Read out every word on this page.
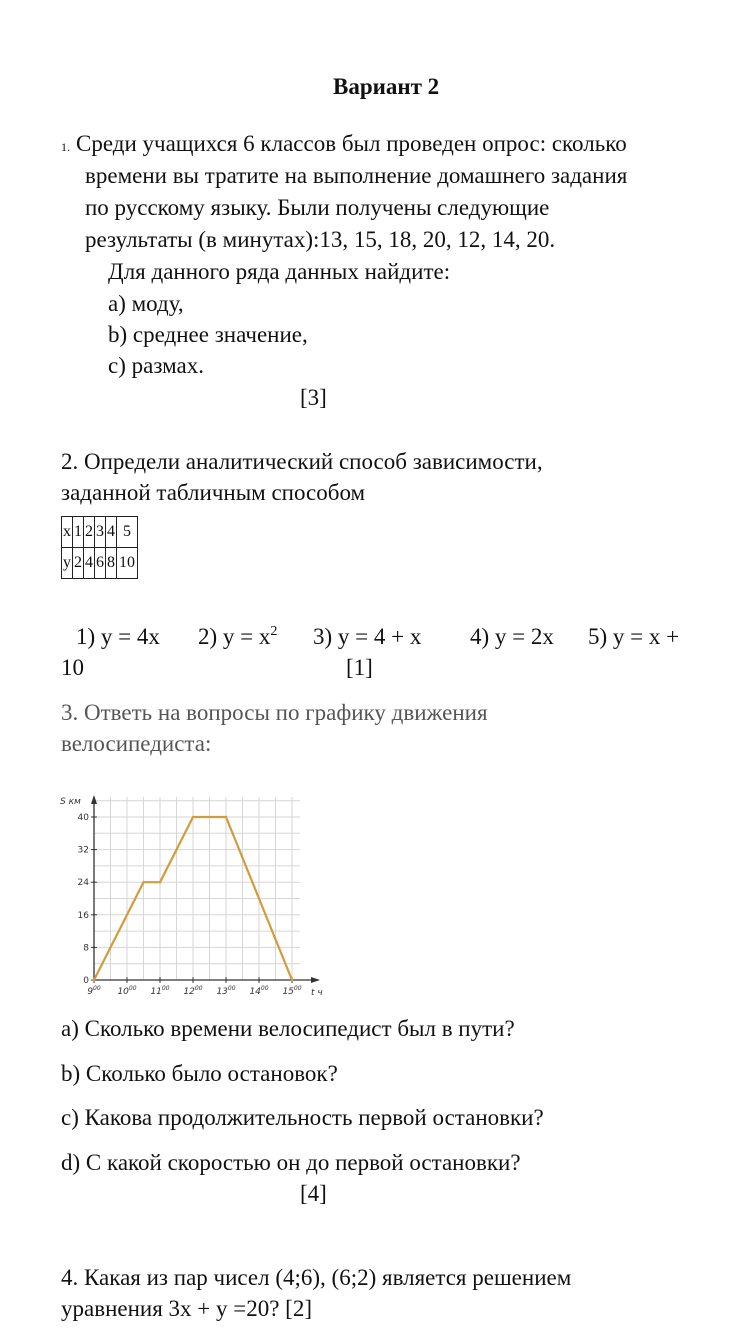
Вариант 2
1. Среди учащихся 6 классов был проведен опрос: сколько
времени вы тратите на выполнение домашнего задания
по русскому языку. Были получены следующие
результаты (в минутах):13, 15, 18, 20, 12, 14, 20.
Для данного ряда данных найдите:
a) моду,
b) среднее значение,
c) размах.
[3]
2. Определи аналитический способ зависимости,
заданной табличным способом
x	1	2	3	4	5
y	2	4	6	8	10
1) y = 4x 2) $y = x^2$ 3) y = 4 + x 4) y = 2x 5) y = x +
10	[1]
3. Ответь на вопросы по графику движения
велосипедиста:
0
8
16
24
32
40
$9^{00}$ $10^{00}$ $11^{00}$ $12^{00}$ $13^{00}$ $14^{00}$ $15^{00}$
S км
t ч
a) Сколько времени велосипедист был в пути?
b) Сколько было остановок?
c) Какова продолжительность первой остановки?
d) С какой скоростью он до первой остановки?
[4]
4. Какая из пар чисел (4;6), (6;2) является решением
уравнения 3x + y =20? [2]
